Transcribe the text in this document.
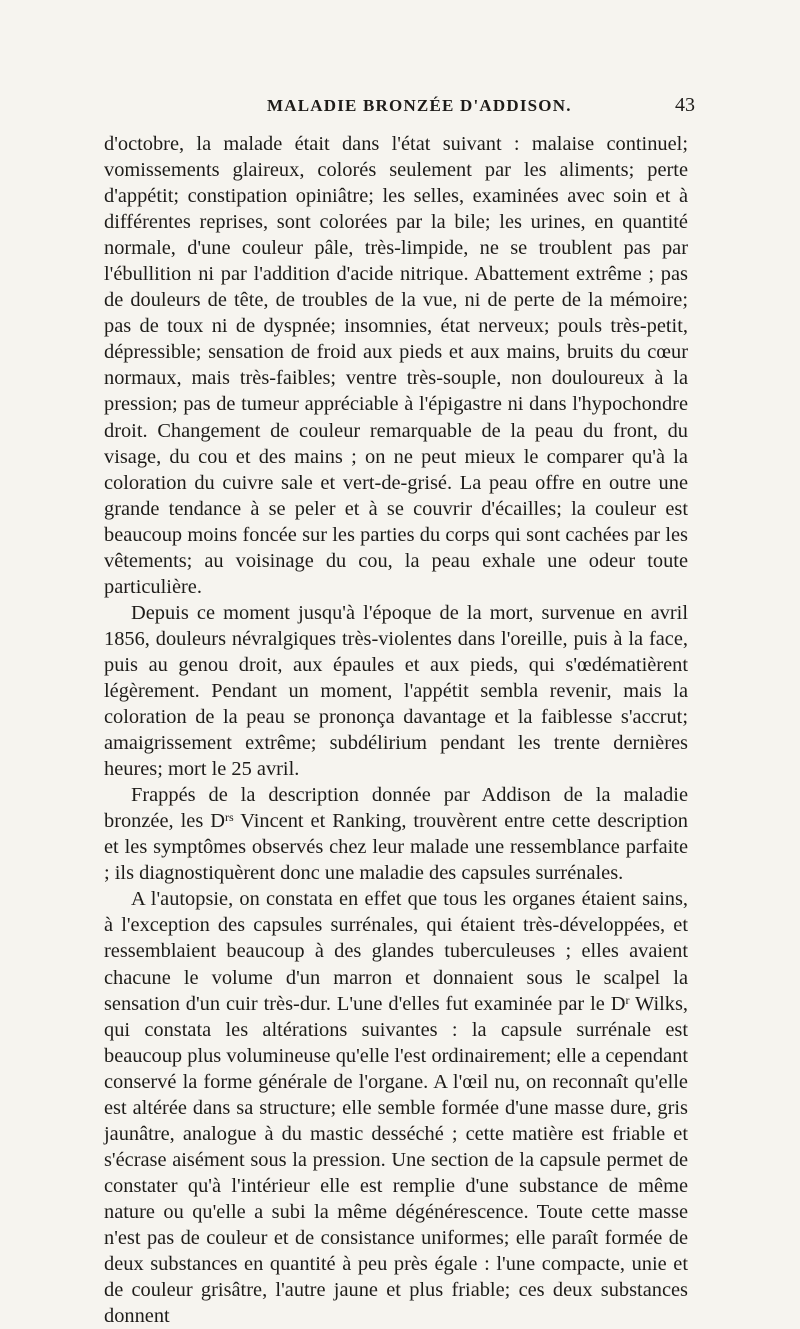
MALADIE BRONZÉE D'ADDISON.	43

d'octobre, la malade était dans l'état suivant : malaise continuel; vomissements glaireux, colorés seulement par les aliments; perte d'appétit; constipation opiniâtre; les selles, examinées avec soin et à différentes reprises, sont colorées par la bile; les urines, en quantité normale, d'une couleur pâle, très-limpide, ne se troublent pas par l'ébullition ni par l'addition d'acide nitrique. Abattement extrême ; pas de douleurs de tête, de troubles de la vue, ni de perte de la mémoire; pas de toux ni de dyspnée; insomnies, état nerveux; pouls très-petit, dépressible; sensation de froid aux pieds et aux mains, bruits du cœur normaux, mais très-faibles; ventre très-souple, non douloureux à la pression; pas de tumeur appréciable à l'épigastre ni dans l'hypochondre droit. Changement de couleur remarquable de la peau du front, du visage, du cou et des mains ; on ne peut mieux le comparer qu'à la coloration du cuivre sale et vert-de-grisé. La peau offre en outre une grande tendance à se peler et à se couvrir d'écailles; la couleur est beaucoup moins foncée sur les parties du corps qui sont cachées par les vêtements; au voisinage du cou, la peau exhale une odeur toute particulière.

Depuis ce moment jusqu'à l'époque de la mort, survenue en avril 1856, douleurs névralgiques très-violentes dans l'oreille, puis à la face, puis au genou droit, aux épaules et aux pieds, qui s'œdématièrent légèrement. Pendant un moment, l'appétit sembla revenir, mais la coloration de la peau se prononça davantage et la faiblesse s'accrut; amaigrissement extrême; subdélirium pendant les trente dernières heures; mort le 25 avril.

Frappés de la description donnée par Addison de la maladie bronzée, les $D^{rs}$ Vincent et Ranking, trouvèrent entre cette description et les symptômes observés chez leur malade une ressemblance parfaite ; ils diagnostiquèrent donc une maladie des capsules surrénales.

A l'autopsie, on constata en effet que tous les organes étaient sains, à l'exception des capsules surrénales, qui étaient très-développées, et ressemblaient beaucoup à des glandes tuberculeuses ; elles avaient chacune le volume d'un marron et donnaient sous le scalpel la sensation d'un cuir très-dur. L'une d'elles fut examinée par le $D^r$ Wilks, qui constata les altérations suivantes : la capsule surrénale est beaucoup plus volumineuse qu'elle l'est ordinairement; elle a cependant conservé la forme générale de l'organe. A l'œil nu, on reconnaît qu'elle est altérée dans sa structure; elle semble formée d'une masse dure, gris jaunâtre, analogue à du mastic desséché ; cette matière est friable et s'écrase aisément sous la pression. Une section de la capsule permet de constater qu'à l'intérieur elle est remplie d'une substance de même nature ou qu'elle a subi la même dégénérescence. Toute cette masse n'est pas de couleur et de consistance uniformes; elle paraît formée de deux substances en quantité à peu près égale : l'une compacte, unie et de couleur grisâtre, l'autre jaune et plus friable; ces deux substances donnent
